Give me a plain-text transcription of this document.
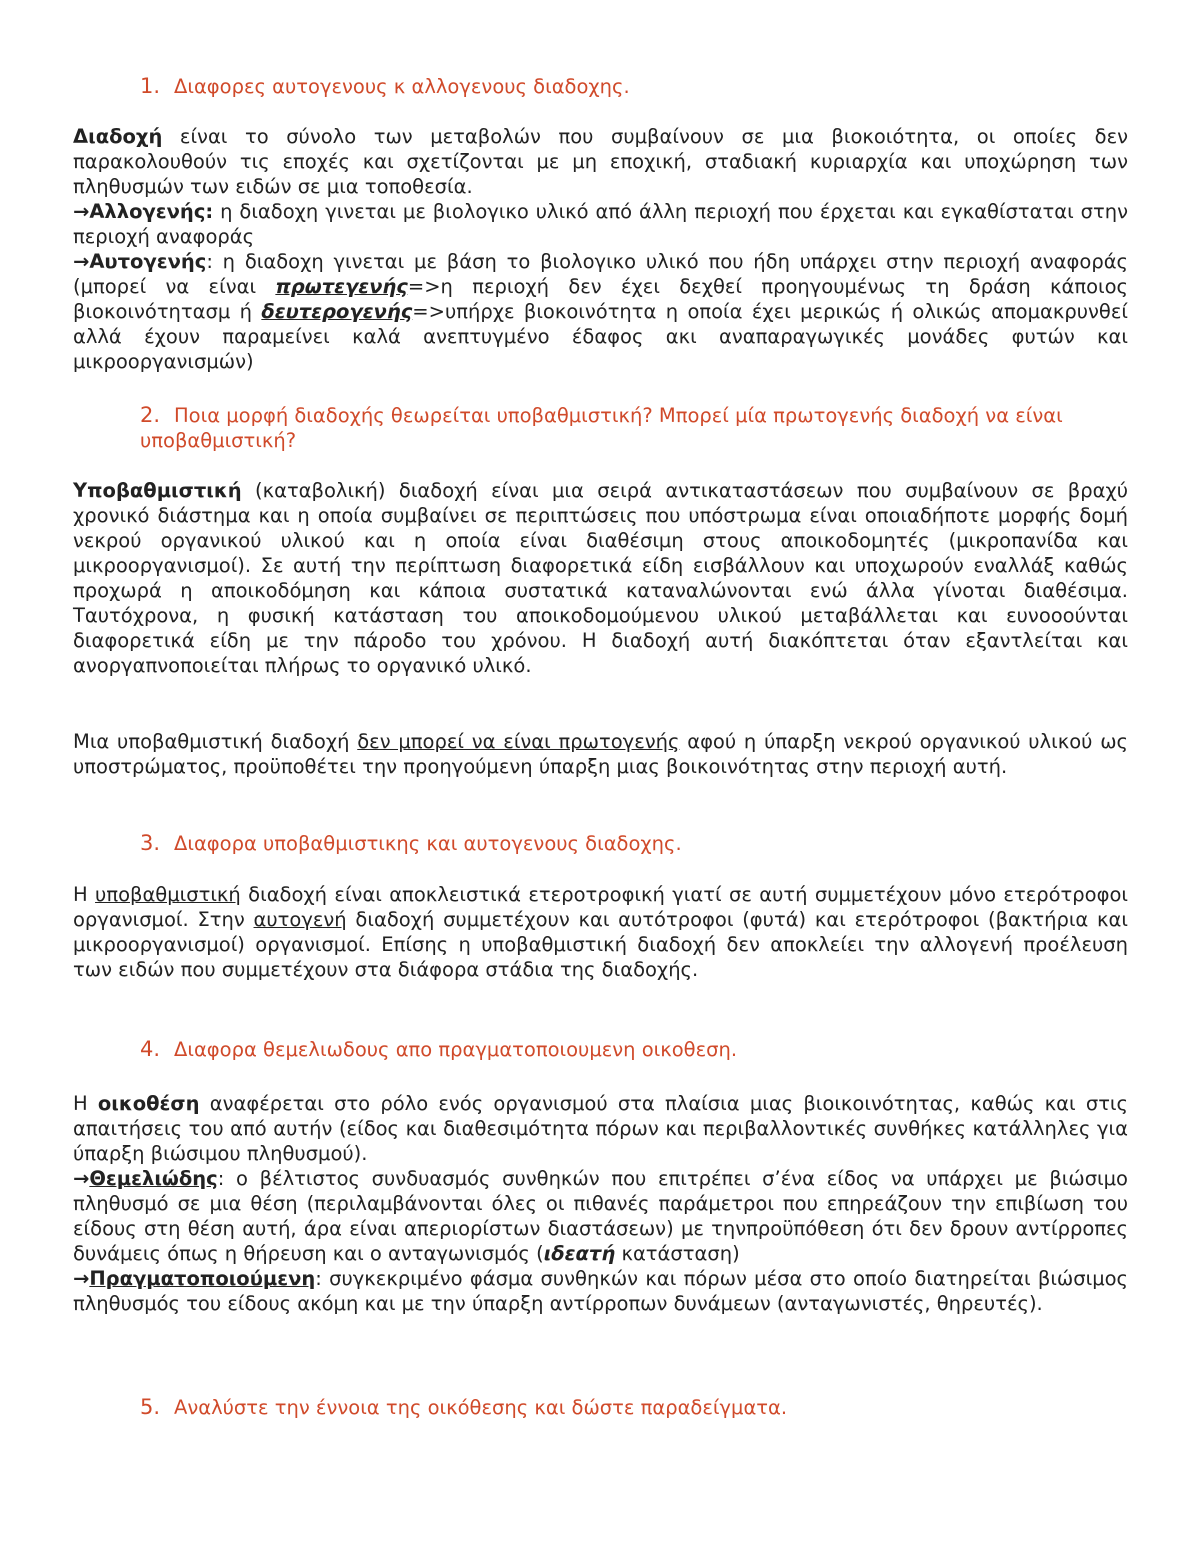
1. Διαφορες αυτογενους κ αλλογενους διαδοχης.

Διαδοχή είναι το σύνολο των μεταβολών που συμβαίνουν σε μια βιοκοιότητα, οι οποίες δεν παρακολουθούν τις εποχές και σχετίζονται με μη εποχική, σταδιακή κυριαρχία και υποχώρηση των πληθυσμών των ειδών σε μια τοποθεσία.

→Αλλογενής: η διαδοχη γινεται με βιολογικο υλικό από άλλη περιοχή που έρχεται και εγκαθίσταται στην περιοχή αναφοράς

→Αυτογενής: η διαδοχη γινεται με βάση το βιολογικο υλικό που ήδη υπάρχει στην περιοχή αναφοράς (μπορεί να είναι πρωτεγενής=>η περιοχή δεν έχει δεχθεί προηγουμένως τη δράση κάποιος βιοκοινότητασμ ή δευτερογενής=>υπήρχε βιοκοινότητα η οποία έχει μερικώς ή ολικώς απομακρυνθεί αλλά έχουν παραμείνει καλά ανεπτυγμένο έδαφος ακι αναπαραγωγικές μονάδες φυτών και μικροοργανισμών)

2. Ποια μορφή διαδοχής θεωρείται υποβαθμιστική? Μπορεί μία πρωτογενής διαδοχή να είναι υποβαθμιστική?

Υποβαθμιστική (καταβολική) διαδοχή είναι μια σειρά αντικαταστάσεων που συμβαίνουν σε βραχύ χρονικό διάστημα και η οποία συμβαίνει σε περιπτώσεις που υπόστρωμα είναι οποιαδήποτε μορφής δομή νεκρού οργανικού υλικού και η οποία είναι διαθέσιμη στους αποικοδομητές (μικροπανίδα και μικροοργανισμοί). Σε αυτή την περίπτωση διαφορετικά είδη εισβάλλουν και υποχωρούν εναλλάξ καθώς προχωρά η αποικοδόμηση και κάποια συστατικά καταναλώνονται ενώ άλλα γίνοται διαθέσιμα. Ταυτόχρονα, η φυσική κατάσταση του αποικοδομούμενου υλικού μεταβάλλεται και ευνοοούνται διαφορετικά είδη με την πάροδο του χρόνου. Η διαδοχή αυτή διακόπτεται όταν εξαντλείται και ανοργαπνοποιείται πλήρως το οργανικό υλικό.

Μια υποβαθμιστική διαδοχή δεν μπορεί να είναι πρωτογενής αφού η ύπαρξη νεκρού οργανικού υλικού ως υποστρώματος, προϋποθέτει την προηγούμενη ύπαρξη μιας βοικοινότητας στην περιοχή αυτή.

3. Διαφορα υποβαθμιστικης και αυτογενους διαδοχης.

Η υποβαθμιστική διαδοχή είναι αποκλειστικά ετεροτροφική γιατί σε αυτή συμμετέχουν μόνο ετερότροφοι οργανισμοί. Στην αυτογενή διαδοχή συμμετέχουν και αυτότροφοι (φυτά) και ετερότροφοι (βακτήρια και μικροοργανισμοί) οργανισμοί. Επίσης η υποβαθμιστική διαδοχή δεν αποκλείει την αλλογενή προέλευση των ειδών που συμμετέχουν στα διάφορα στάδια της διαδοχής.

4. Διαφορα θεμελιωδους απο πραγματοποιουμενη οικοθεση.

Η οικοθέση αναφέρεται στο ρόλο ενός οργανισμού στα πλαίσια μιας βιοικοινότητας, καθώς και στις απαιτήσεις του από αυτήν (είδος και διαθεσιμότητα πόρων και περιβαλλοντικές συνθήκες κατάλληλες για ύπαρξη βιώσιμου πληθυσμού).

→Θεμελιώδης: ο βέλτιστος συνδυασμός συνθηκών που επιτρέπει σ’ένα είδος να υπάρχει με βιώσιμο πληθυσμό σε μια θέση (περιλαμβάνονται όλες οι πιθανές παράμετροι που επηρεάζουν την επιβίωση του είδους στη θέση αυτή, άρα είναι απεριορίστων διαστάσεων) με τηνπροϋπόθεση ότι δεν δρουν αντίρροπες δυνάμεις όπως η θήρευση και ο ανταγωνισμός (ιδεατή κατάσταση)

→Πραγματοποιούμενη: συγκεκριμένο φάσμα συνθηκών και πόρων μέσα στο οποίο διατηρείται βιώσιμος πληθυσμός του είδους ακόμη και με την ύπαρξη αντίρροπων δυνάμεων (ανταγωνιστές, θηρευτές).

5. Αναλύστε την έννοια της οικόθεσης και δώστε παραδείγματα.
